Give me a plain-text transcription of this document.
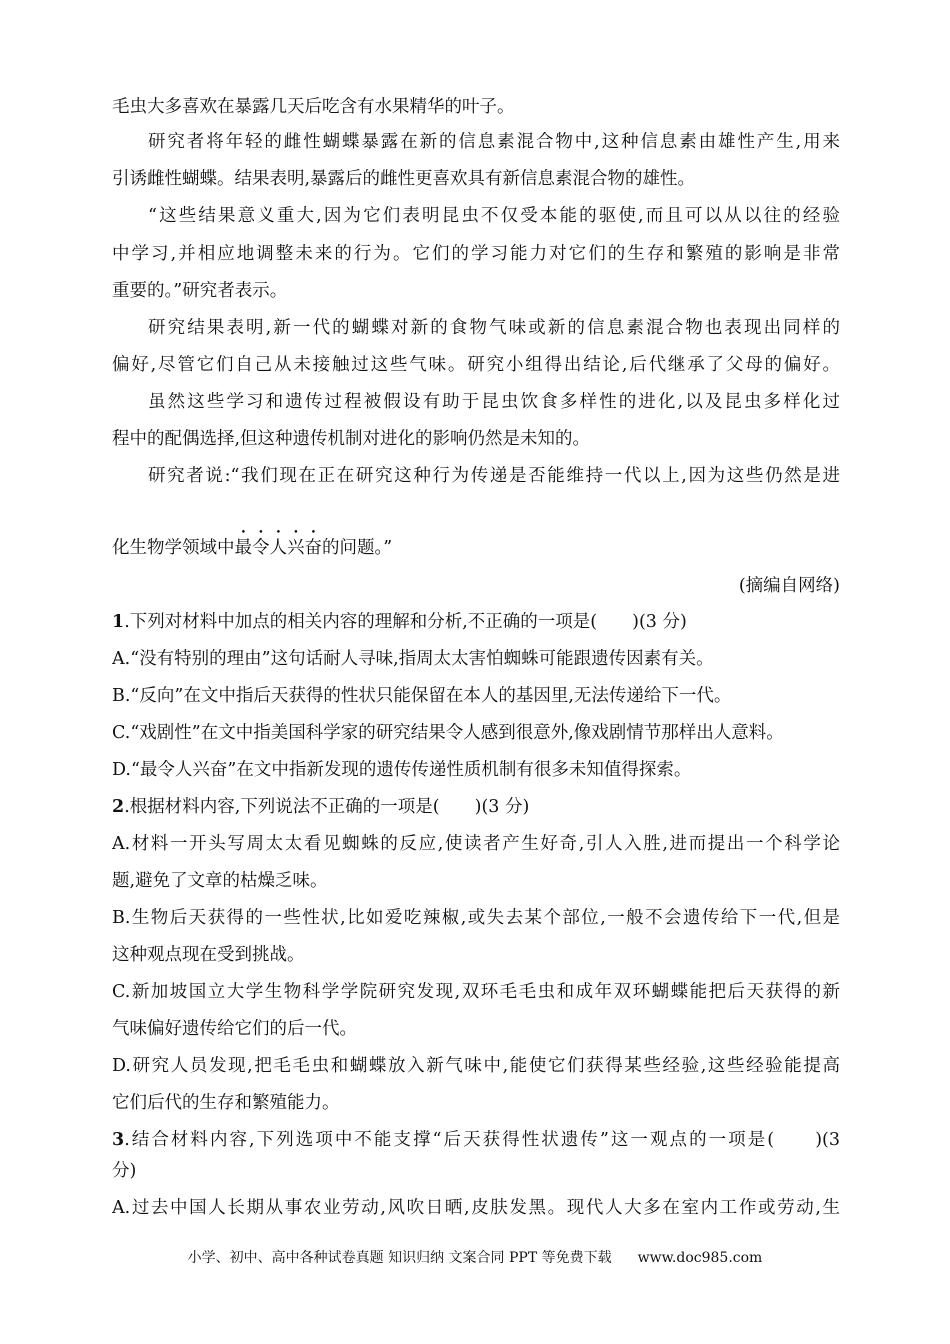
毛虫大多喜欢在暴露几天后吃含有水果精华的叶子。
研究者将年轻的雌性蝴蝶暴露在新的信息素混合物中,这种信息素由雄性产生,用来
引诱雌性蝴蝶。结果表明,暴露后的雌性更喜欢具有新信息素混合物的雄性。
“这些结果意义重大,因为它们表明昆虫不仅受本能的驱使,而且可以从以往的经验
中学习,并相应地调整未来的行为。它们的学习能力对它们的生存和繁殖的影响是非常
重要的。”研究者表示。
研究结果表明,新一代的蝴蝶对新的食物气味或新的信息素混合物也表现出同样的
偏好,尽管它们自己从未接触过这些气味。研究小组得出结论,后代继承了父母的偏好。
虽然这些学习和遗传过程被假设有助于昆虫饮食多样性的进化,以及昆虫多样化过
程中的配偶选择,但这种遗传机制对进化的影响仍然是未知的。
研究者说:“我们现在正在研究这种行为传递是否能维持一代以上,因为这些仍然是进
化生物学领域中最令人兴奋的问题。”
(摘编自网络)
1.下列对材料中加点的相关内容的理解和分析,不正确的一项是(　　)(3 分)
A.“没有特别的理由”这句话耐人寻味,指周太太害怕蜘蛛可能跟遗传因素有关。
B.“反向”在文中指后天获得的性状只能保留在本人的基因里,无法传递给下一代。
C.“戏剧性”在文中指美国科学家的研究结果令人感到很意外,像戏剧情节那样出人意料。
D.“最令人兴奋”在文中指新发现的遗传传递性质机制有很多未知值得探索。
2.根据材料内容,下列说法不正确的一项是(　　)(3 分)
A.材料一开头写周太太看见蜘蛛的反应,使读者产生好奇,引人入胜,进而提出一个科学论
题,避免了文章的枯燥乏味。
B.生物后天获得的一些性状,比如爱吃辣椒,或失去某个部位,一般不会遗传给下一代,但是
这种观点现在受到挑战。
C.新加坡国立大学生物科学学院研究发现,双环毛毛虫和成年双环蝴蝶能把后天获得的新
气味偏好遗传给它们的后一代。
D.研究人员发现,把毛毛虫和蝴蝶放入新气味中,能使它们获得某些经验,这些经验能提高
它们后代的生存和繁殖能力。
3.结合材料内容,下列选项中不能支撑“后天获得性状遗传”这一观点的一项是(　　)(3
分)
A.过去中国人长期从事农业劳动,风吹日晒,皮肤发黑。现代人大多在室内工作或劳动,生
小学、初中、高中各种试卷真题 知识归纳 文案合同 PPT 等免费下载 www.doc985.com
